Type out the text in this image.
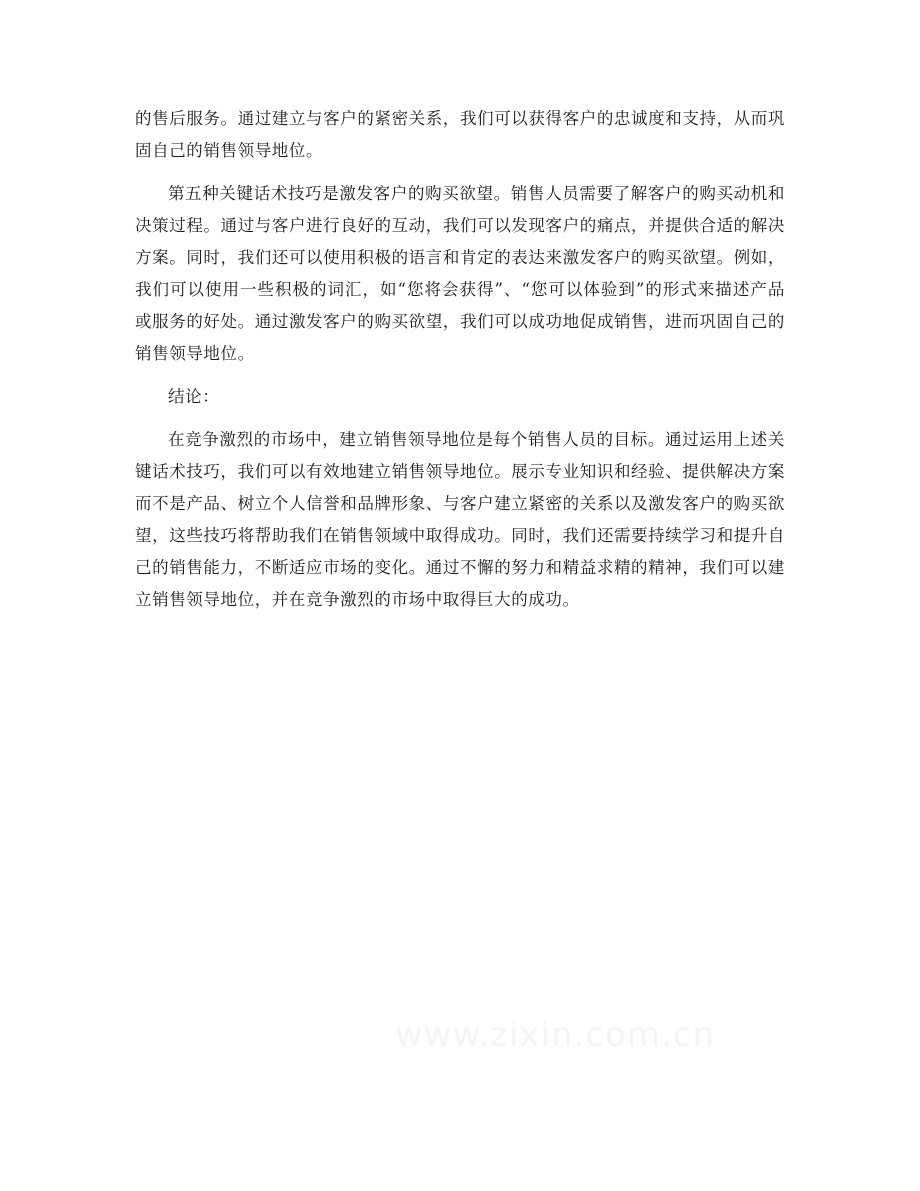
的售后服务。通过建立与客户的紧密关系，我们可以获得客户的忠诚度和支持，从而巩固自己的销售领导地位。

第五种关键话术技巧是激发客户的购买欲望。销售人员需要了解客户的购买动机和决策过程。通过与客户进行良好的互动，我们可以发现客户的痛点，并提供合适的解决方案。同时，我们还可以使用积极的语言和肯定的表达来激发客户的购买欲望。例如，我们可以使用一些积极的词汇，如“您将会获得”、“您可以体验到”的形式来描述产品或服务的好处。通过激发客户的购买欲望，我们可以成功地促成销售，进而巩固自己的销售领导地位。

结论：

在竞争激烈的市场中，建立销售领导地位是每个销售人员的目标。通过运用上述关键话术技巧，我们可以有效地建立销售领导地位。展示专业知识和经验、提供解决方案而不是产品、树立个人信誉和品牌形象、与客户建立紧密的关系以及激发客户的购买欲望，这些技巧将帮助我们在销售领域中取得成功。同时，我们还需要持续学习和提升自己的销售能力，不断适应市场的变化。通过不懈的努力和精益求精的精神，我们可以建立销售领导地位，并在竞争激烈的市场中取得巨大的成功。
